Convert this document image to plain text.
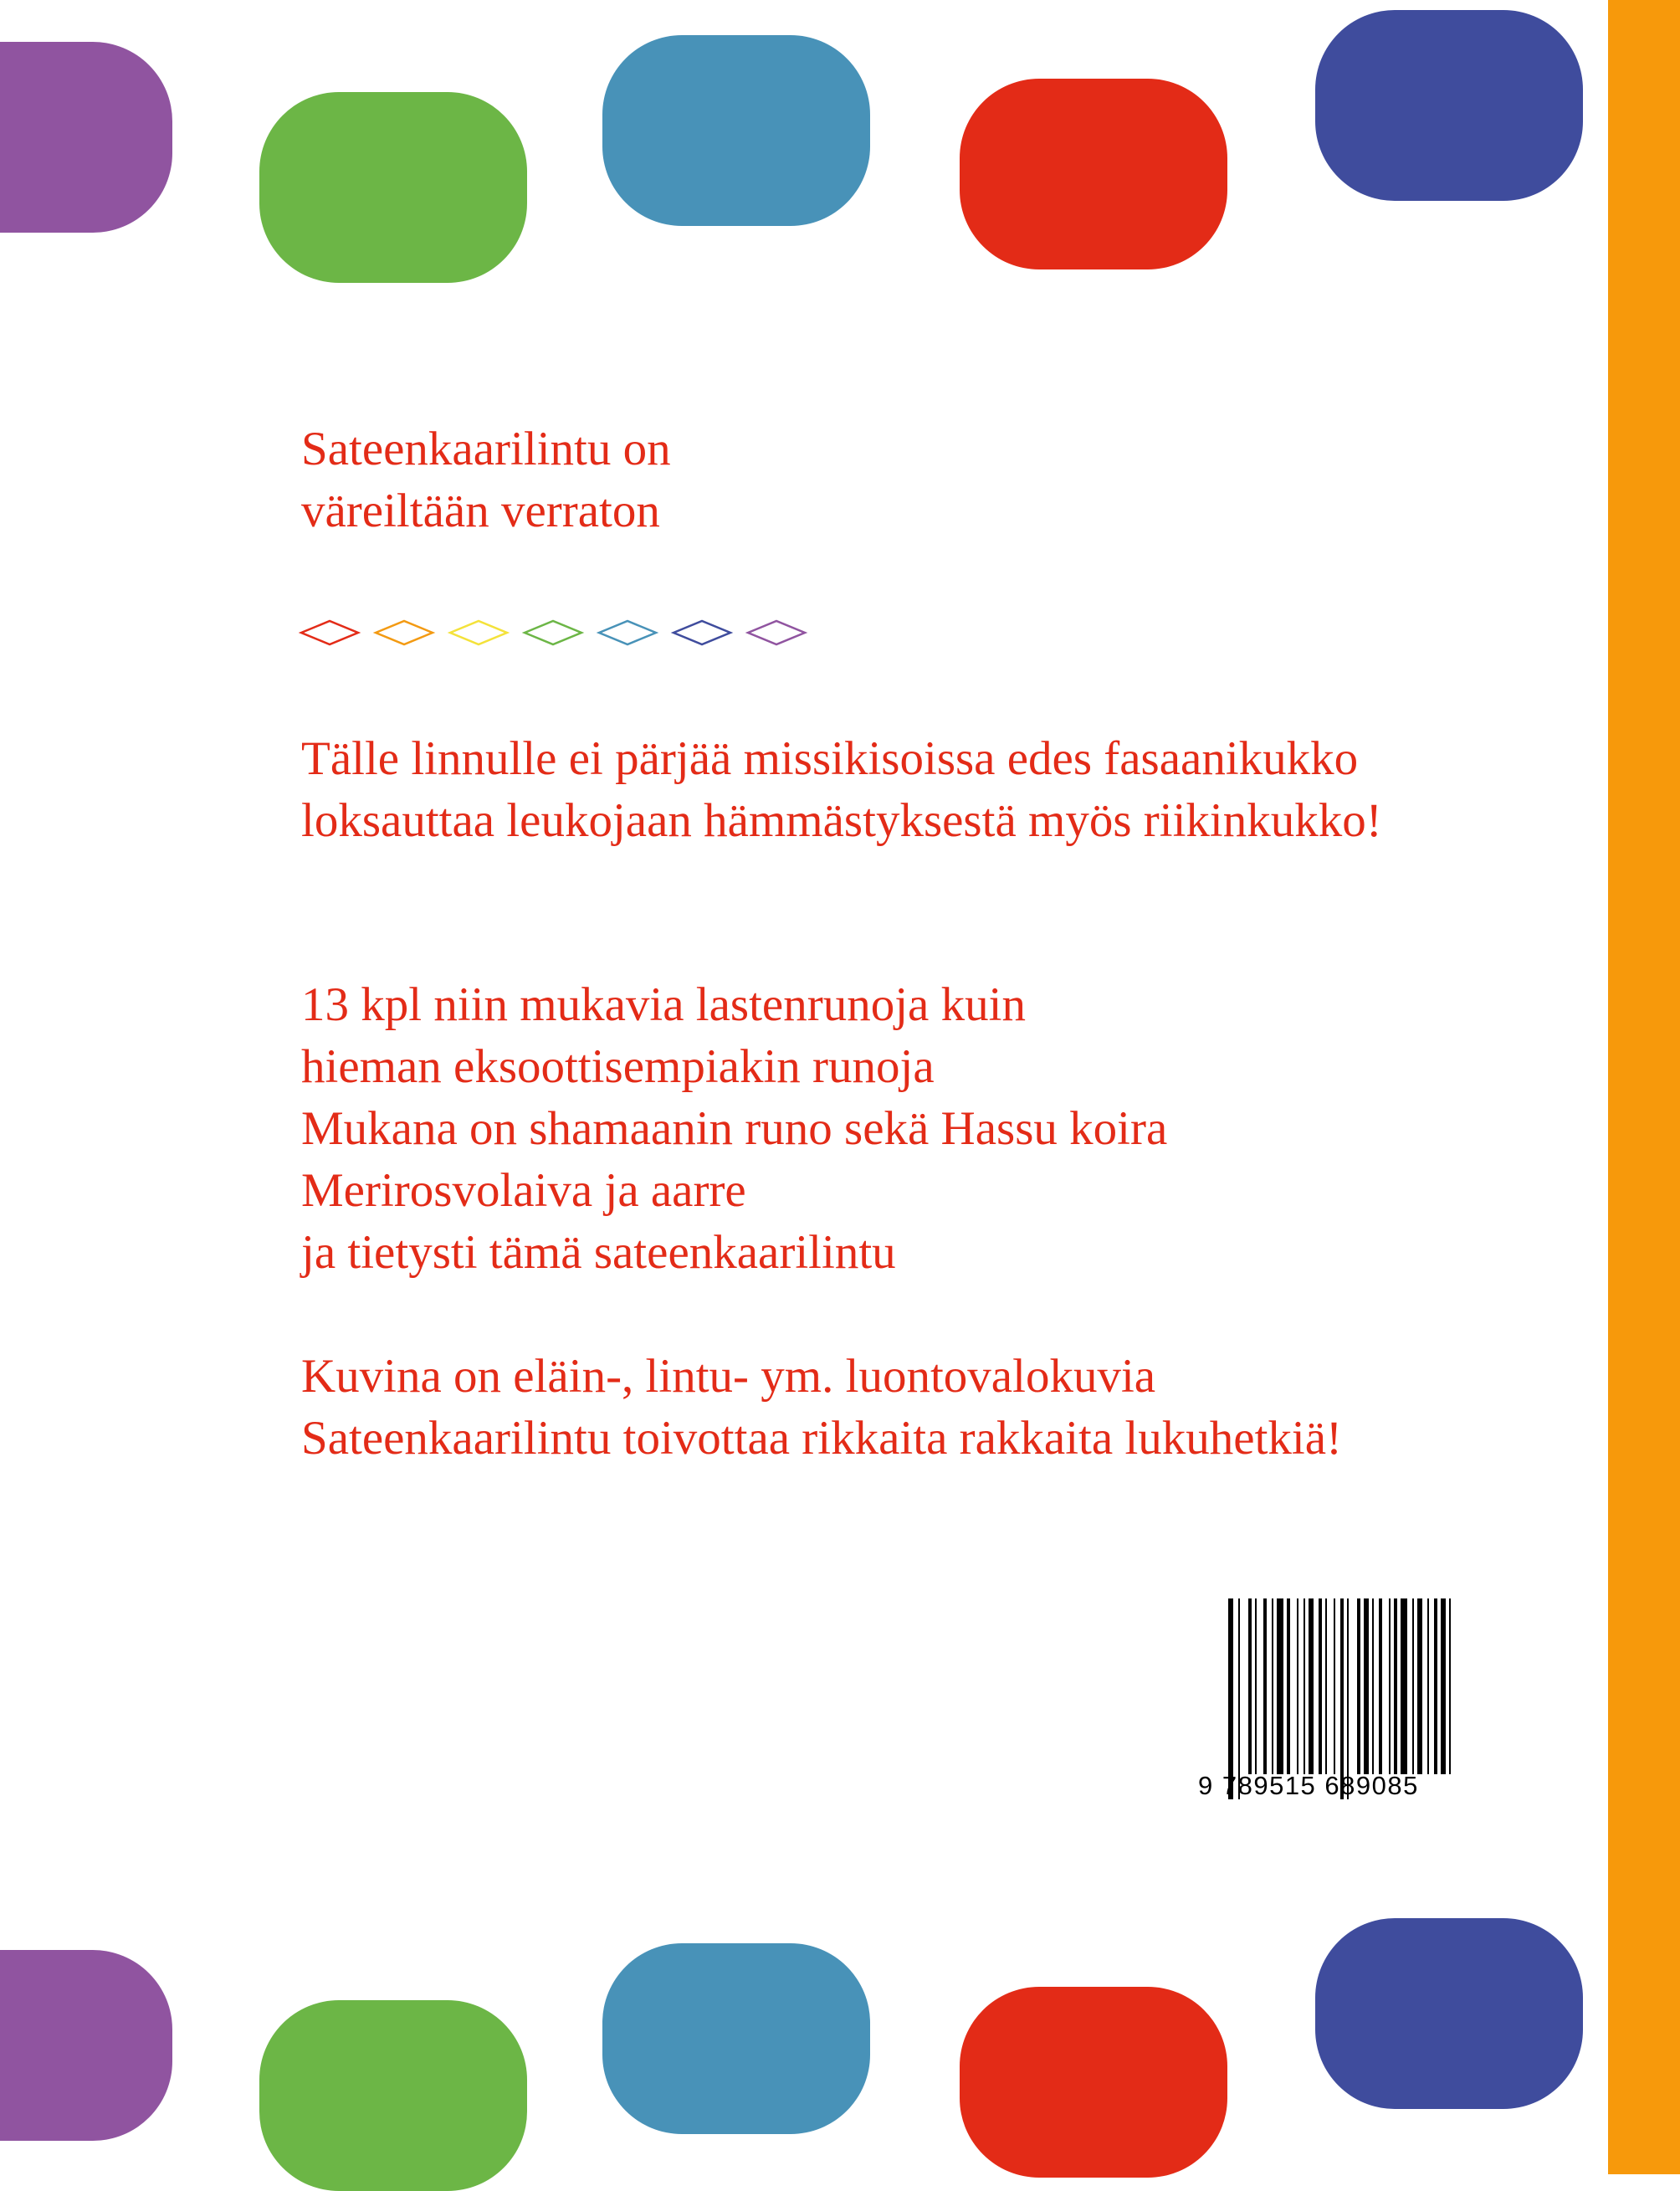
Sateenkaarilintu on
väreiltään verraton
Tälle linnulle ei pärjää missikisoissa edes fasaanikukko
loksauttaa leukojaan hämmästyksestä myös riikinkukko!
13 kpl niin mukavia lastenrunoja kuin
hieman eksoottisempiakin runoja
Mukana on shamaanin runo sekä Hassu koira
Merirosvolaiva ja aarre
ja tietysti tämä sateenkaarilintu
Kuvina on eläin-, lintu- ym. luontovalokuvia
Sateenkaarilintu toivottaa rikkaita rakkaita lukuhetkiä!
9 789515 689085
